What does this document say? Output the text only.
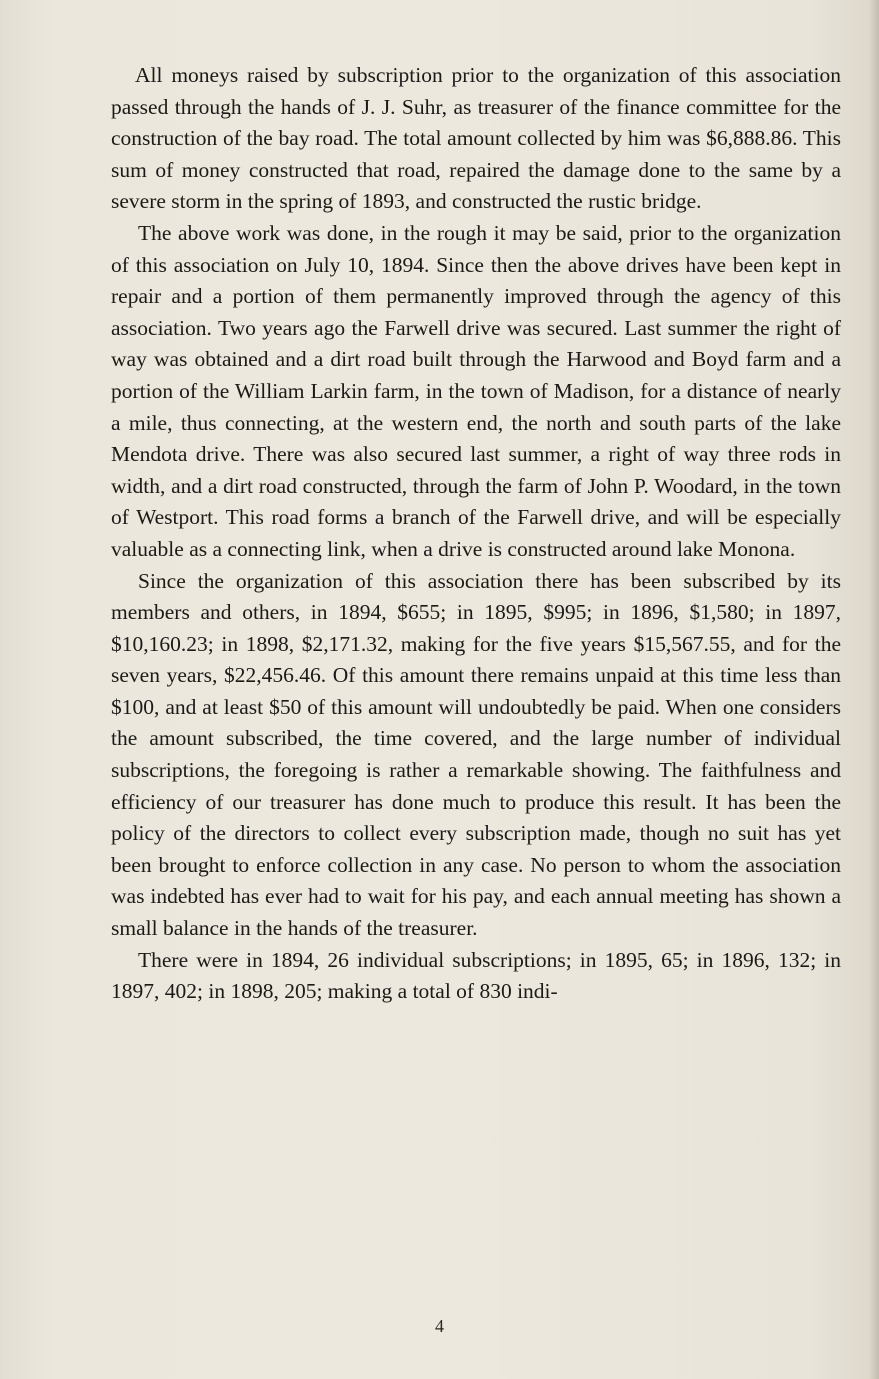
All moneys raised by subscription prior to the organization of this association passed through the hands of J. J. Suhr, as treasurer of the finance committee for the construction of the bay road. The total amount collected by him was $6,888.86. This sum of money constructed that road, repaired the damage done to the same by a severe storm in the spring of 1893, and constructed the rustic bridge.

The above work was done, in the rough it may be said, prior to the organization of this association on July 10, 1894. Since then the above drives have been kept in repair and a portion of them permanently improved through the agency of this association. Two years ago the Farwell drive was secured. Last summer the right of way was obtained and a dirt road built through the Harwood and Boyd farm and a portion of the William Larkin farm, in the town of Madison, for a distance of nearly a mile, thus connecting, at the western end, the north and south parts of the lake Mendota drive. There was also secured last summer, a right of way three rods in width, and a dirt road constructed, through the farm of John P. Woodard, in the town of Westport. This road forms a branch of the Farwell drive, and will be especially valuable as a connecting link, when a drive is constructed around lake Monona.

Since the organization of this association there has been subscribed by its members and others, in 1894, $655; in 1895, $995; in 1896, $1,580; in 1897, $10,160.23; in 1898, $2,171.32, making for the five years $15,567.55, and for the seven years, $22,456.46. Of this amount there remains unpaid at this time less than $100, and at least $50 of this amount will undoubtedly be paid. When one considers the amount subscribed, the time covered, and the large number of individual subscriptions, the foregoing is rather a remarkable showing. The faithfulness and efficiency of our treasurer has done much to produce this result. It has been the policy of the directors to collect every subscription made, though no suit has yet been brought to enforce collection in any case. No person to whom the association was indebted has ever had to wait for his pay, and each annual meeting has shown a small balance in the hands of the treasurer.

There were in 1894, 26 individual subscriptions; in 1895, 65; in 1896, 132; in 1897, 402; in 1898, 205; making a total of 830 indi-

4
